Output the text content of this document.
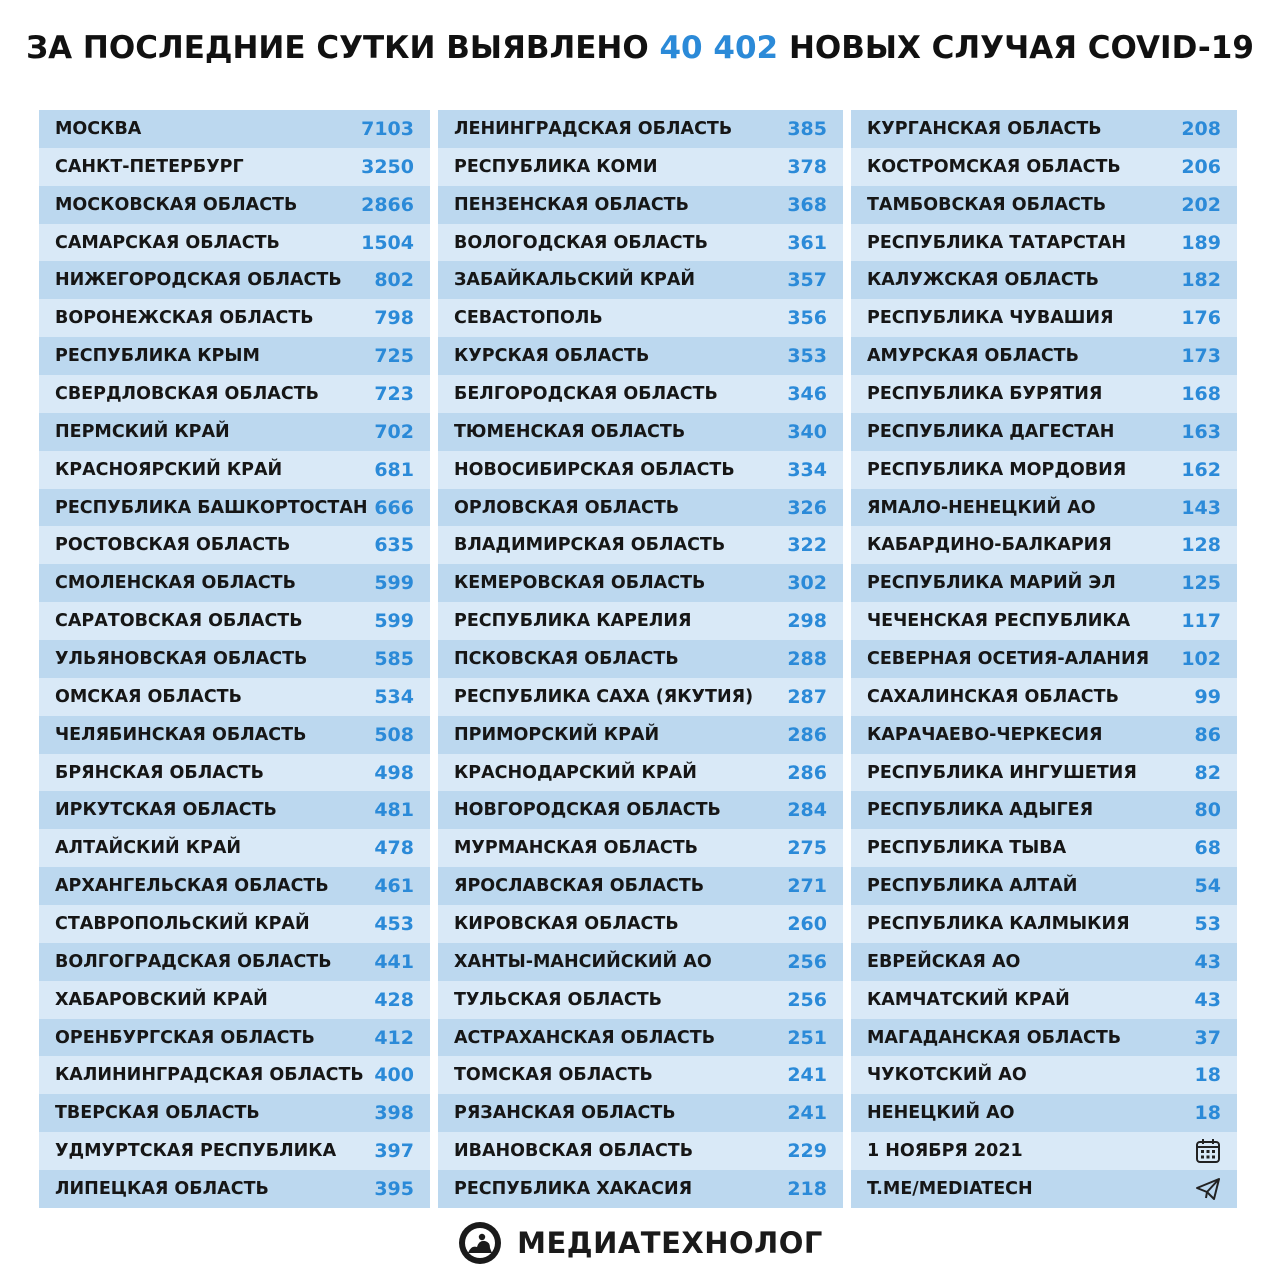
ЗА ПОСЛЕДНИЕ СУТКИ ВЫЯВЛЕНО 40 402 НОВЫХ СЛУЧАЯ COVID-19
МОСКВА	7103
САНКТ-ПЕТЕРБУРГ	3250
МОСКОВСКАЯ ОБЛАСТЬ	2866
САМАРСКАЯ ОБЛАСТЬ	1504
НИЖЕГОРОДСКАЯ ОБЛАСТЬ 802
ВОРОНЕЖСКАЯ ОБЛАСТЬ	798
РЕСПУБЛИКА КРЫМ	725
СВЕРДЛОВСКАЯ ОБЛАСТЬ	723
ПЕРМСКИЙ КРАЙ	702
КРАСНОЯРСКИЙ КРАЙ	681
РЕСПУБЛИКА БАШКОРТОСТАН 666
РОСТОВСКАЯ ОБЛАСТЬ	635
СМОЛЕНСКАЯ ОБЛАСТЬ	599
САРАТОВСКАЯ ОБЛАСТЬ	599
УЛЬЯНОВСКАЯ ОБЛАСТЬ	585
ОМСКАЯ ОБЛАСТЬ	534
ЧЕЛЯБИНСКАЯ ОБЛАСТЬ	508
БРЯНСКАЯ ОБЛАСТЬ	498
ИРКУТСКАЯ ОБЛАСТЬ	481
АЛТАЙСКИЙ КРАЙ	478
АРХАНГЕЛЬСКАЯ ОБЛАСТЬ 461
СТАВРОПОЛЬСКИЙ КРАЙ	453
ВОЛГОГРАДСКАЯ ОБЛАСТЬ 441
ХАБАРОВСКИЙ КРАЙ	428
ОРЕНБУРГСКАЯ ОБЛАСТЬ	412
КАЛИНИНГРАДСКАЯ ОБЛАСТЬ 400
ТВЕРСКАЯ ОБЛАСТЬ	398
УДМУРТСКАЯ РЕСПУБЛИКА 397
ЛИПЕЦКАЯ ОБЛАСТЬ	395
ЛЕНИНГРАДСКАЯ ОБЛАСТЬ	385
РЕСПУБЛИКА КОМИ	378
ПЕНЗЕНСКАЯ ОБЛАСТЬ	368
ВОЛОГОДСКАЯ ОБЛАСТЬ	361
ЗАБАЙКАЛЬСКИЙ КРАЙ	357
СЕВАСТОПОЛЬ	356
КУРСКАЯ ОБЛАСТЬ	353
БЕЛГОРОДСКАЯ ОБЛАСТЬ	346
ТЮМЕНСКАЯ ОБЛАСТЬ	340
НОВОСИБИРСКАЯ ОБЛАСТЬ	334
ОРЛОВСКАЯ ОБЛАСТЬ	326
ВЛАДИМИРСКАЯ ОБЛАСТЬ	322
КЕМЕРОВСКАЯ ОБЛАСТЬ	302
РЕСПУБЛИКА КАРЕЛИЯ	298
ПСКОВСКАЯ ОБЛАСТЬ	288
РЕСПУБЛИКА САХА (ЯКУТИЯ) 287
ПРИМОРСКИЙ КРАЙ	286
КРАСНОДАРСКИЙ КРАЙ	286
НОВГОРОДСКАЯ ОБЛАСТЬ	284
МУРМАНСКАЯ ОБЛАСТЬ	275
ЯРОСЛАВСКАЯ ОБЛАСТЬ	271
КИРОВСКАЯ ОБЛАСТЬ	260
ХАНТЫ-МАНСИЙСКИЙ АО	256
ТУЛЬСКАЯ ОБЛАСТЬ	256
АСТРАХАНСКАЯ ОБЛАСТЬ	251
ТОМСКАЯ ОБЛАСТЬ	241
РЯЗАНСКАЯ ОБЛАСТЬ	241
ИВАНОВСКАЯ ОБЛАСТЬ	229
РЕСПУБЛИКА ХАКАСИЯ	218
КУРГАНСКАЯ ОБЛАСТЬ	208
КОСТРОМСКАЯ ОБЛАСТЬ	206
ТАМБОВСКАЯ ОБЛАСТЬ	202
РЕСПУБЛИКА ТАТАРСТАН	189
КАЛУЖСКАЯ ОБЛАСТЬ	182
РЕСПУБЛИКА ЧУВАШИЯ	176
АМУРСКАЯ ОБЛАСТЬ	173
РЕСПУБЛИКА БУРЯТИЯ	168
РЕСПУБЛИКА ДАГЕСТАН	163
РЕСПУБЛИКА МОРДОВИЯ	162
ЯМАЛО-НЕНЕЦКИЙ АО	143
КАБАРДИНО-БАЛКАРИЯ	128
РЕСПУБЛИКА МАРИЙ ЭЛ	125
ЧЕЧЕНСКАЯ РЕСПУБЛИКА	117
СЕВЕРНАЯ ОСЕТИЯ-АЛАНИЯ 102
САХАЛИНСКАЯ ОБЛАСТЬ	99
КАРАЧАЕВО-ЧЕРКЕСИЯ	86
РЕСПУБЛИКА ИНГУШЕТИЯ	82
РЕСПУБЛИКА АДЫГЕЯ	80
РЕСПУБЛИКА ТЫВА	68
РЕСПУБЛИКА АЛТАЙ	54
РЕСПУБЛИКА КАЛМЫКИЯ	53
ЕВРЕЙСКАЯ АО	43
КАМЧАТСКИЙ КРАЙ	43
МАГАДАНСКАЯ ОБЛАСТЬ	37
ЧУКОТСКИЙ АО	18
НЕНЕЦКИЙ АО	18
1 НОЯБРЯ 2021
T.ME/MEDIATECH
МЕДИАТЕХНОЛОГ
